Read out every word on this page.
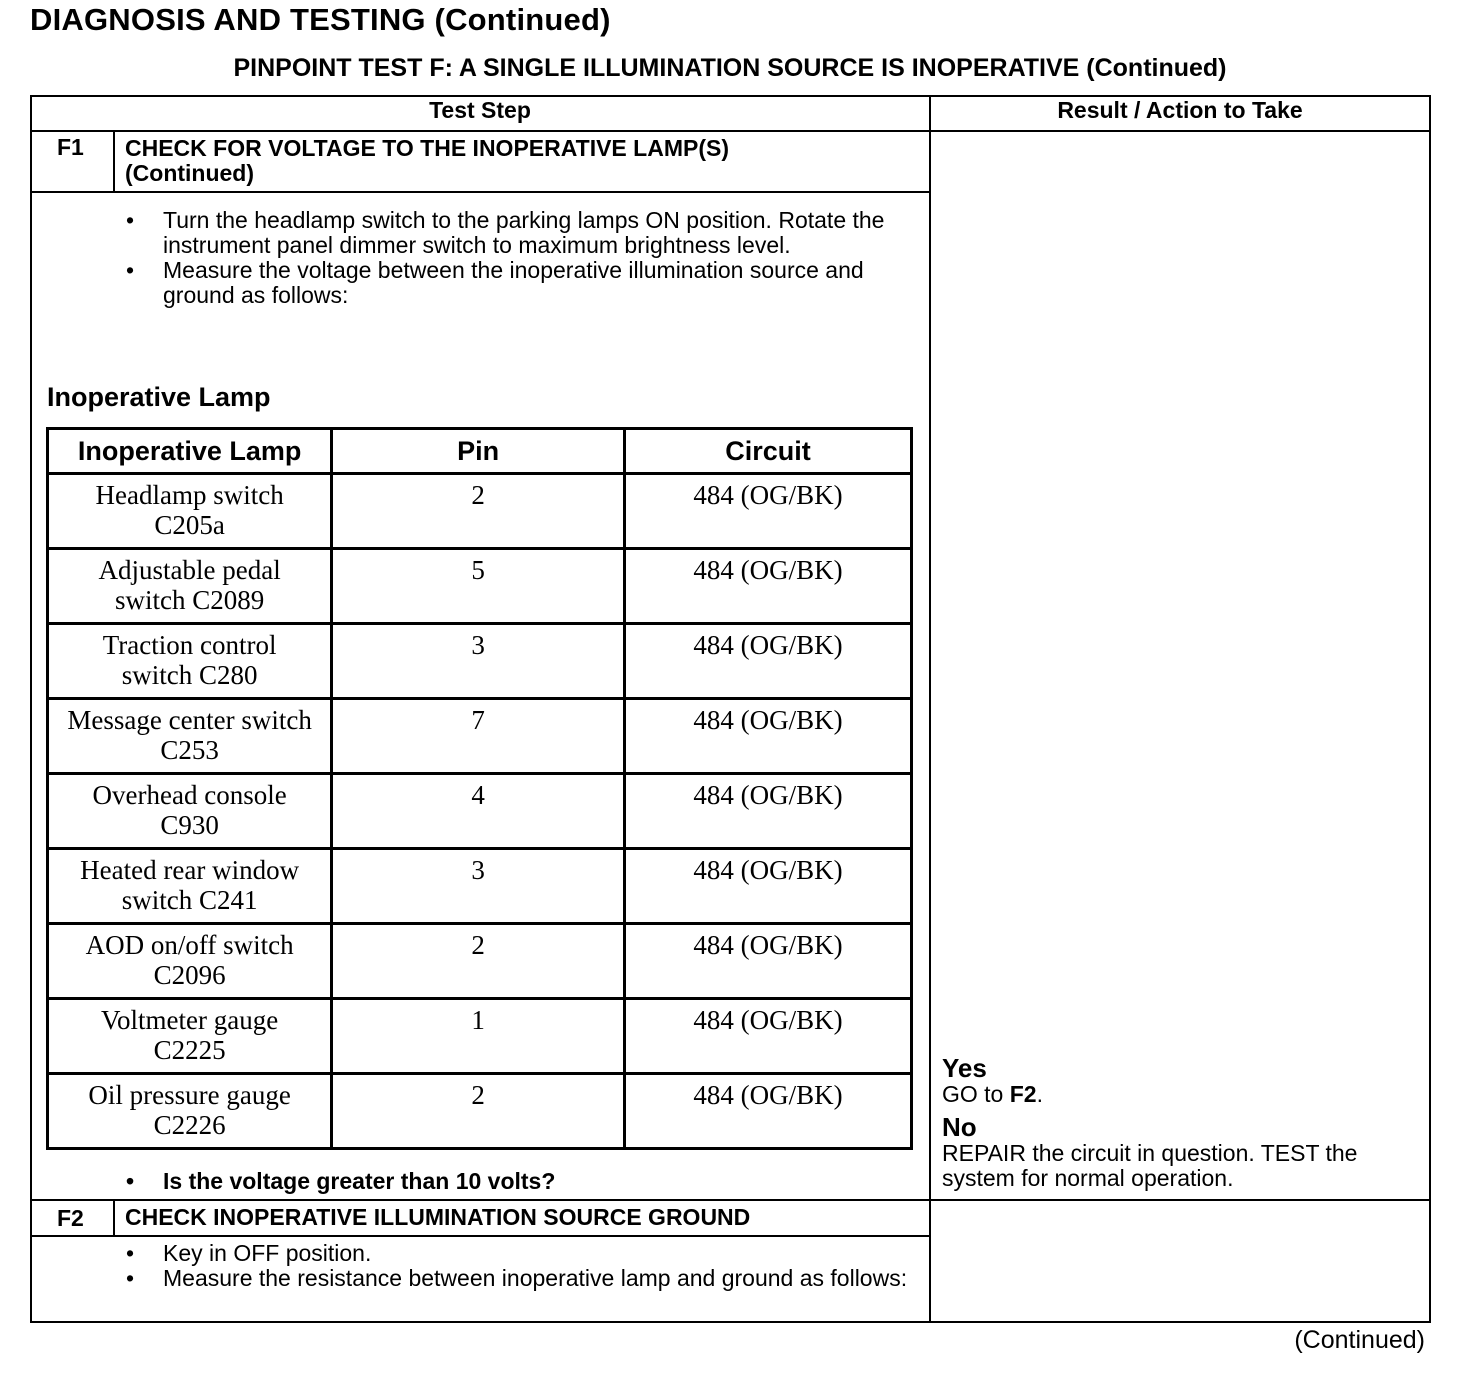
DIAGNOSIS AND TESTING (Continued)
PINPOINT TEST F: A SINGLE ILLUMINATION SOURCE IS INOPERATIVE (Continued)
Test Step	Result / Action to Take
F1 CHECK FOR VOLTAGE TO THE INOPERATIVE LAMP(S)
(Continued)
• Turn the headlamp switch to the parking lamps ON position. Rotate the instrument panel dimmer switch to maximum brightness level.
• Measure the voltage between the inoperative illumination source and ground as follows:
Inoperative Lamp
Inoperative Lamp	Pin	Circuit

Headlamp switch
C205a	2	484 (OG/BK)

Adjustable pedal
switch C2089	5	484 (OG/BK)

Traction control
switch C280	3	484 (OG/BK)

Message center switch
C253	7	484 (OG/BK)

Overhead console
C930	4	484 (OG/BK)

Heated rear window
switch C241	3	484 (OG/BK)

AOD on/off switch
C2096	2	484 (OG/BK)

Voltmeter gauge
C2225	1	484 (OG/BK)

Oil pressure gauge
C2226	2	484 (OG/BK)
• Is the voltage greater than 10 volts?
Yes
GO to F2.
No
REPAIR the circuit in question. TEST the
system for normal operation.
F2 CHECK INOPERATIVE ILLUMINATION SOURCE GROUND
• Key in OFF position.
• Measure the resistance between inoperative lamp and ground as follows:
(Continued)
